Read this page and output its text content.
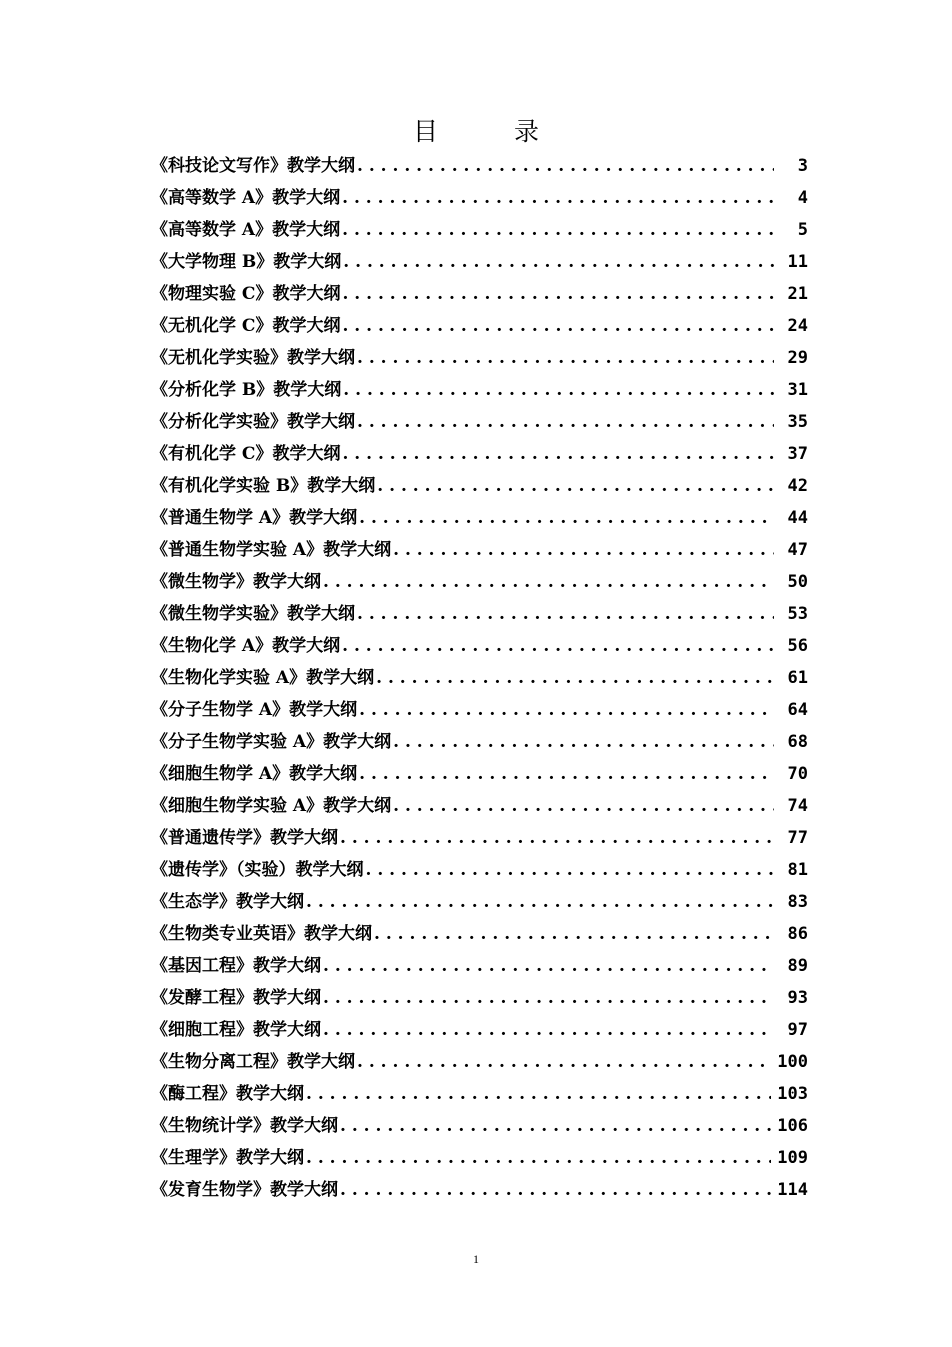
目 录
《科技论文写作》教学大纲 . . .	3
《高等数学 A》教学大纲 . . .	4
《高等数学 A》教学大纲 . . .	5
《大学物理 B》教学大纲 . . .	11
《物理实验 C》教学大纲 . . .	21
《无机化学 C》教学大纲 . . .	24
《无机化学实验》教学大纲 . . .	29
《分析化学 B》教学大纲 . . .	31
《分析化学实验》教学大纲 . . .	35
《有机化学 C》教学大纲 . . .	37
《有机化学实验 B》教学大纲 . . .	42
《普通生物学 A》教学大纲 . . .	44
《普通生物学实验 A》教学大纲 . . .	47
《微生物学》教学大纲 . . .	50
《微生物学实验》教学大纲 . . .	53
《生物化学 A》教学大纲 . . .	56
《生物化学实验 A》教学大纲 . . .	61
《分子生物学 A》教学大纲 . . .	64
《分子生物学实验 A》教学大纲 . . .	68
《细胞生物学 A》教学大纲 . . .	70
《细胞生物学实验 A》教学大纲 . . .	74
《普通遗传学》教学大纲 . . .	77
《遗传学》（实验）教学大纲 . . .	81
《生态学》教学大纲 . . .	83
《生物类专业英语》教学大纲 . . .	86
《基因工程》教学大纲 . . .	89
《发酵工程》教学大纲 . . .	93
《细胞工程》教学大纲 . . .	97
《生物分离工程》教学大纲 . . .	100
《酶工程》教学大纲 . . .	103
《生物统计学》教学大纲 . . .	106
《生理学》教学大纲 . . .	109
《发育生物学》教学大纲 . . .	114
1
